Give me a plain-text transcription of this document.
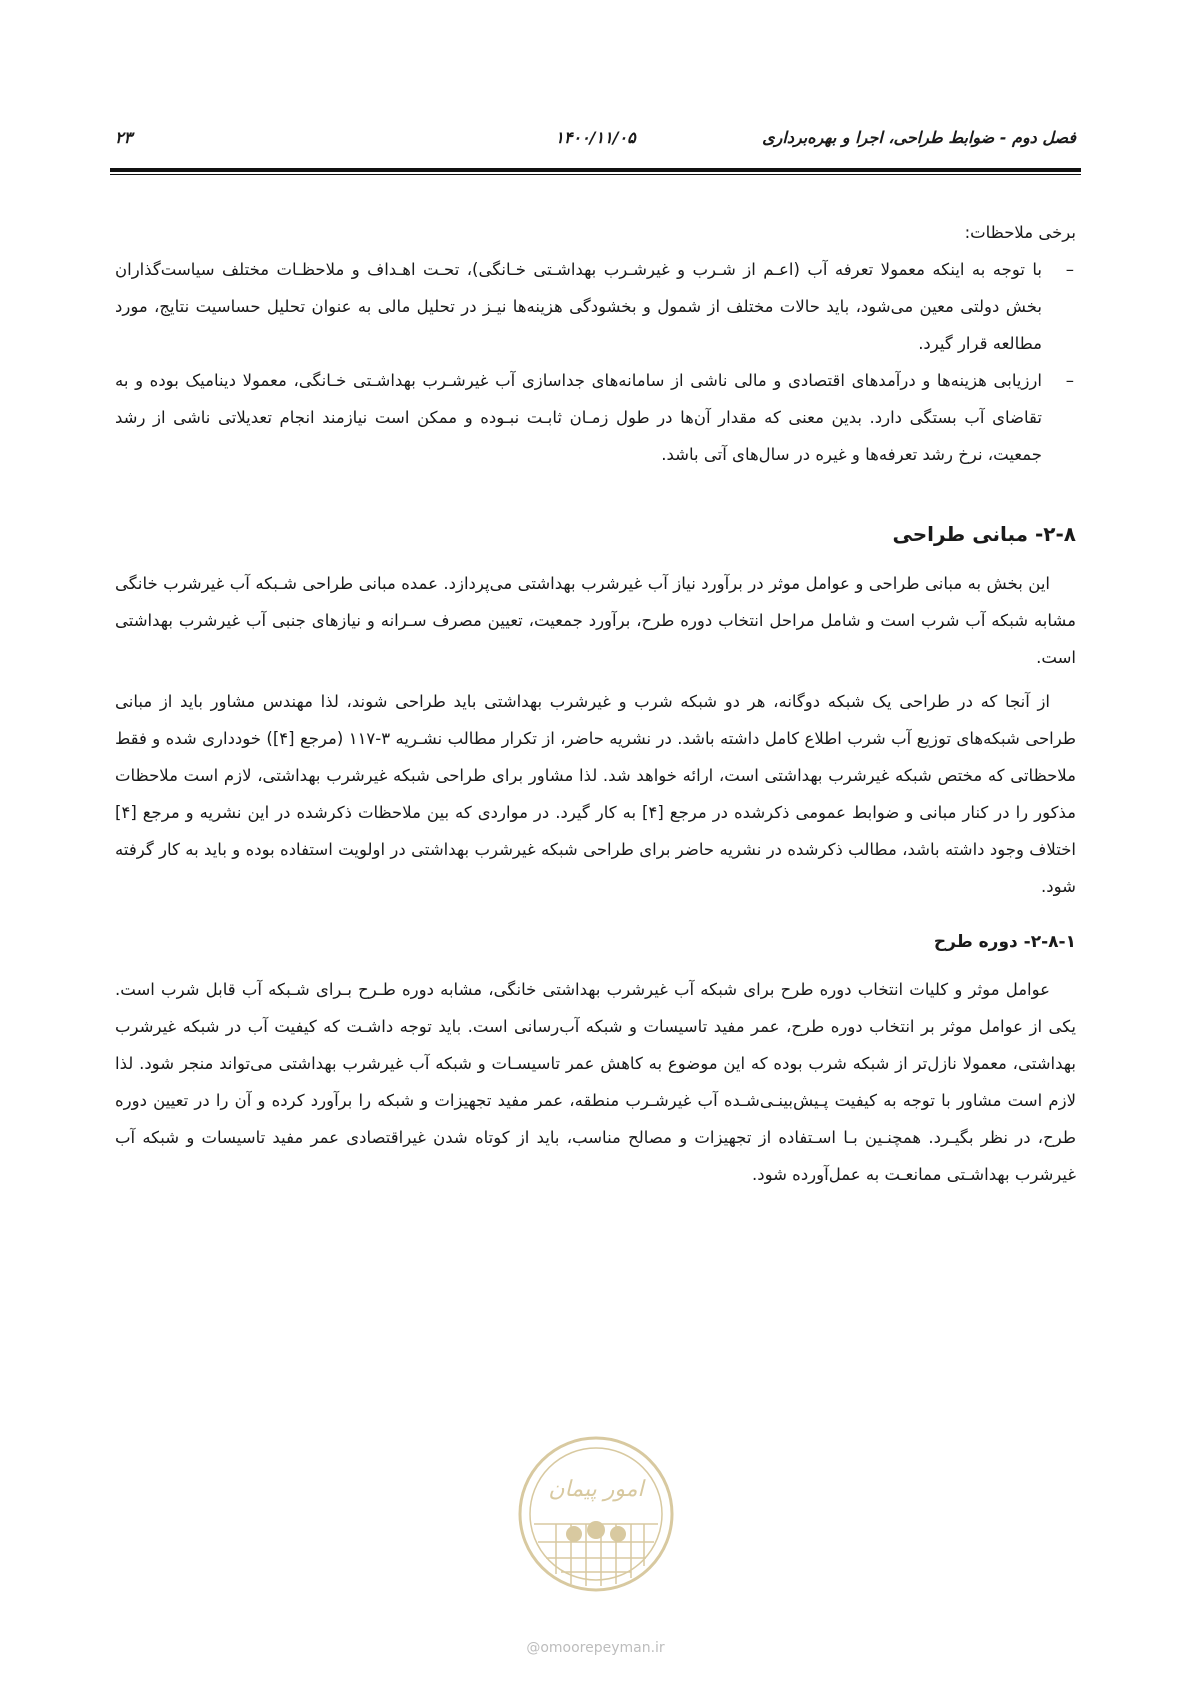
فصل دوم - ضوابط طراحی، اجرا و بهره‌برداری
۱۴۰۰/۱۱/۰۵
۲۳

برخی ملاحظات:

–
با توجه به اینکه معمولا تعرفه آب (اعـم از شـرب و غیرشـرب بهداشـتی خـانگی)، تحـت اهـداف و ملاحظـات مختلف سیاست‌گذاران بخش دولتی معین می‌شود، باید حالات مختلف از شمول و بخشودگی هزینه‌ها نیـز در تحلیل مالی به عنوان تحلیل حساسیت نتایج، مورد مطالعه قرار گیرد.
–
ارزیابی هزینه‌ها و درآمدهای اقتصادی و مالی ناشی از سامانه‌های جداسازی آب غیرشـرب بهداشـتی خـانگی، معمولا دینامیک بوده و به تقاضای آب بستگی دارد. بدین معنی که مقدار آن‌ها در طول زمـان ثابـت نبـوده و ممکن است نیازمند انجام تعدیلاتی ناشی از رشد جمعیت، نرخ رشد تعرفه‌ها و غیره در سال‌های آتی باشد.
۲-۸- مبانی طراحی

این بخش به مبانی طراحی و عوامل موثر در برآورد نیاز آب غیرشرب بهداشتی می‌پردازد. عمده مبانی طراحی شـبکه آب غیرشرب خانگی مشابه شبکه آب شرب است و شامل مراحل انتخاب دوره طرح، برآورد جمعیت، تعیین مصرف سـرانه و نیازهای جنبی آب غیرشرب بهداشتی است.

از آنجا که در طراحی یک شبکه دوگانه، هر دو شبکه شرب و غیرشرب بهداشتی باید طراحی شوند، لذا مهندس مشاور باید از مبانی طراحی شبکه‌های توزیع آب شرب اطلاع کامل داشته باشد. در نشریه حاضر، از تکرار مطالب نشـریه ۳-۱۱۷ (مرجع [۴]) خودداری شده و فقط ملاحظاتی که مختص شبکه غیرشرب بهداشتی است، ارائه خواهد شد. لذا مشاور برای طراحی شبکه غیرشرب بهداشتی، لازم است ملاحظات مذکور را در کنار مبانی و ضوابط عمومی ذکرشده در مرجع [۴] به کار گیرد. در مواردی که بین ملاحظات ذکرشده در این نشریه و مرجع [۴] اختلاف وجود داشته باشد، مطالب ذکرشده در نشریه حاضر برای طراحی شبکه غیرشرب بهداشتی در اولویت استفاده بوده و باید به کار گرفته شود.

۲-۸-۱- دوره طرح

عوامل موثر و کلیات انتخاب دوره طرح برای شبکه آب غیرشرب بهداشتی خانگی، مشابه دوره طـرح بـرای شـبکه آب قابل شرب است. یکی از عوامل موثر بر انتخاب دوره طرح، عمر مفید تاسیسات و شبکه آب‌رسانی است. باید توجه داشـت که کیفیت آب در شبکه غیرشرب بهداشتی، معمولا نازل‌تر از شبکه شرب بوده که این موضوع به کاهش عمر تاسیسـات و شبکه آب غیرشرب بهداشتی می‌تواند منجر شود. لذا لازم است مشاور با توجه به کیفیت پـیش‌بینـی‌شـده آب غیرشـرب منطقه، عمر مفید تجهیزات و شبکه را برآورد کرده و آن را در تعیین دوره طرح، در نظر بگیـرد. همچنـین بـا اسـتفاده از تجهیزات و مصالح مناسب، باید از کوتاه شدن غیراقتصادی عمر مفید تاسیسات و شبکه آب غیرشرب بهداشـتی ممانعـت به عمل‌آورده شود.

امور پیمان
@omoorepeyman.ir
